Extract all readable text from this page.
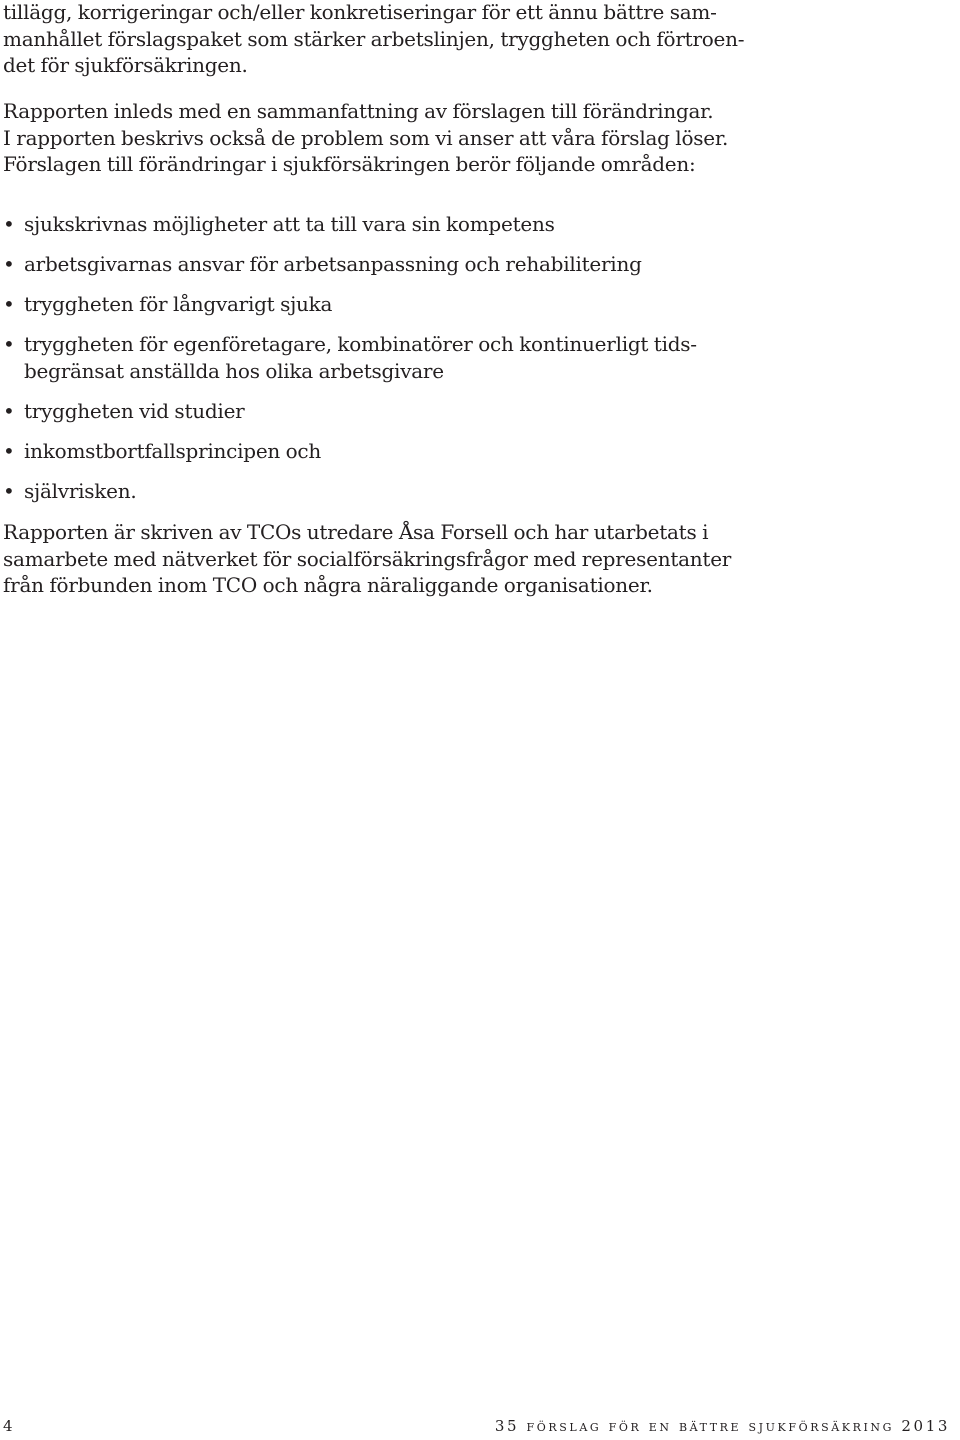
tillägg, korrigeringar och/eller konkretiseringar för ett ännu bättre sam-
manhållet förslagspaket som stärker arbetslinjen, tryggheten och förtroen-
det för sjukförsäkringen.

Rapporten inleds med en sammanfattning av förslagen till förändringar.
I rapporten beskrivs också de problem som vi anser att våra förslag löser.
Förslagen till förändringar i sjukförsäkringen berör följande områden:

• sjukskrivnas möjligheter att ta till vara sin kompetens
• arbetsgivarnas ansvar för arbetsanpassning och rehabilitering
• tryggheten för långvarigt sjuka
• tryggheten för egenföretagare, kombinatörer och kontinuerligt tids-
begränsat anställda hos olika arbetsgivare
• tryggheten vid studier
• inkomstbortfallsprincipen och
• självrisken.

Rapporten är skriven av TCOs utredare Åsa Forsell och har utarbetats i
samarbete med nätverket för socialförsäkringsfrågor med representanter
från förbunden inom TCO och några näraliggande organisationer.

4	35 förslag för en bättre sjukförsäkring 2013
